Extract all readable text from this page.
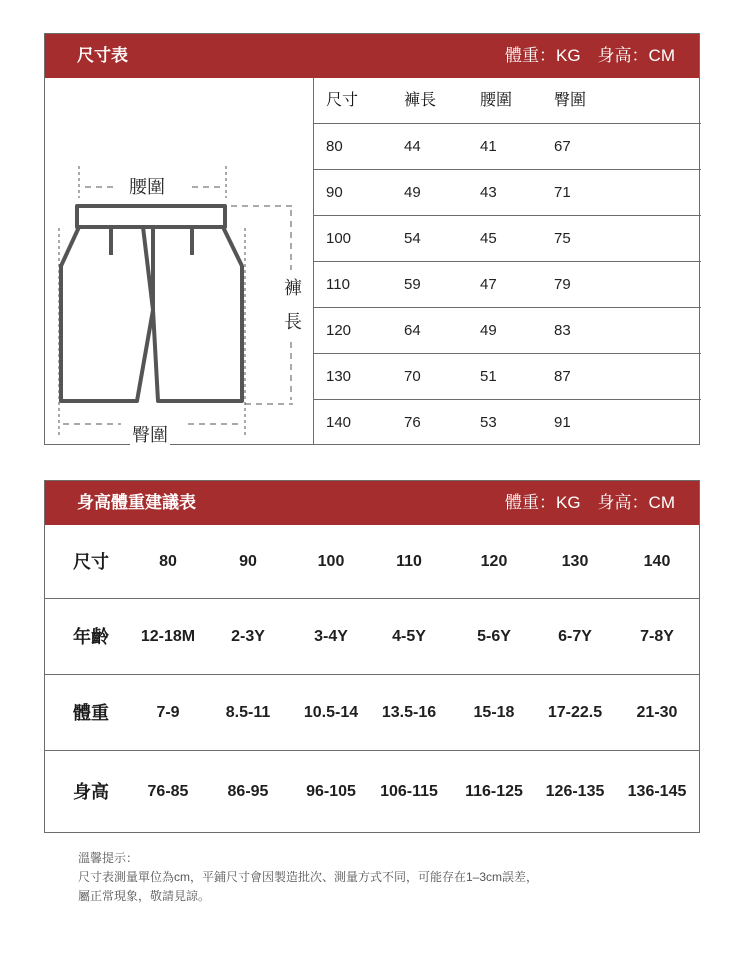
尺寸表	體重：KG　身高：CM
腰圍
褲
長
臀圍
尺寸	褲長	腰圍	臀圍
80	44	41	67
90	49	43	71
100	54	45	75
110	59	47	79
120	64	49	83
130	70	51	87
140	76	53	91
身高體重建議表	體重：KG　身高：CM
尺寸	80	90	100	110	120	130	140
年齡	12-18M	2-3Y	3-4Y	4-5Y	5-6Y	6-7Y	7-8Y
體重	7-9	8.5-11	10.5-14	13.5-16	15-18	17-22.5	21-30
身高	76-85	86-95	96-105	106-115	116-125	126-135	136-145
溫馨提示：
尺寸表測量單位為cm，平鋪尺寸會因製造批次、測量方式不同，可能存在1–3cm誤差，
屬正常現象，敬請見諒。
